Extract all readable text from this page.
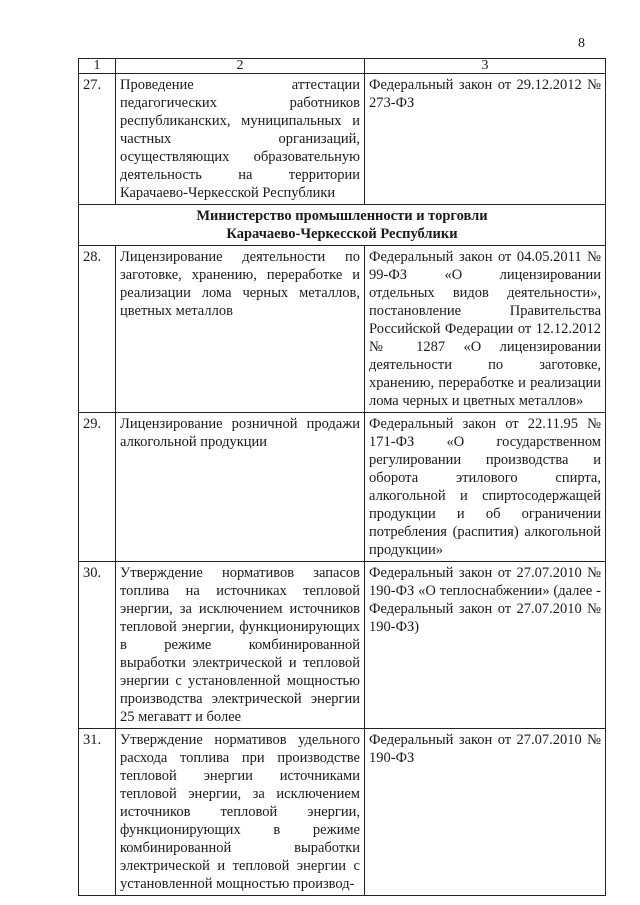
8
1	2	3
27.	Проведение аттестации педагогических работников республиканских, муниципальных и частных организаций, осуществляющих образовательную деятельность на территории Карачаево-Черкесской Республики	Федеральный закон от 29.12.2012 № 273-ФЗ
Министерство промышленности и торговли
Карачаево-Черкесской Республики		
28.	Лицензирование деятельности по заготовке, хранению, переработке и реализации лома черных металлов, цветных металлов	Федеральный закон от 04.05.2011 № 99-ФЗ «О лицензировании отдельных видов деятельности», постановление Правительства Российской Федерации от 12.12.2012 № 1287 «О лицензировании деятельности по заготовке, хранению, переработке и реализации лома черных и цветных металлов»
29.	Лицензирование розничной продажи алкогольной продукции	Федеральный закон от 22.11.95 № 171-ФЗ «О государственном регулировании производства и оборота этилового спирта, алкогольной и спиртосодержащей продукции и об ограничении потребления (распития) алкогольной продукции»
30.	Утверждение нормативов запасов топлива на источниках тепловой энергии, за исключением источников тепловой энергии, функционирующих в режиме комбинированной выработки электрической и тепловой энергии с установленной мощностью производства электрической энергии 25 мегаватт и более	Федеральный закон от 27.07.2010 № 190-ФЗ «О теплоснабжении» (далее - Федеральный закон от 27.07.2010 № 190-ФЗ)
31.	Утверждение нормативов удельного расхода топлива при производстве тепловой энергии источниками тепловой энергии, за исключением источников тепловой энергии, функционирующих в режиме комбинированной выработки электрической и тепловой энергии с установленной мощностью производ-	Федеральный закон от 27.07.2010 № 190-ФЗ
